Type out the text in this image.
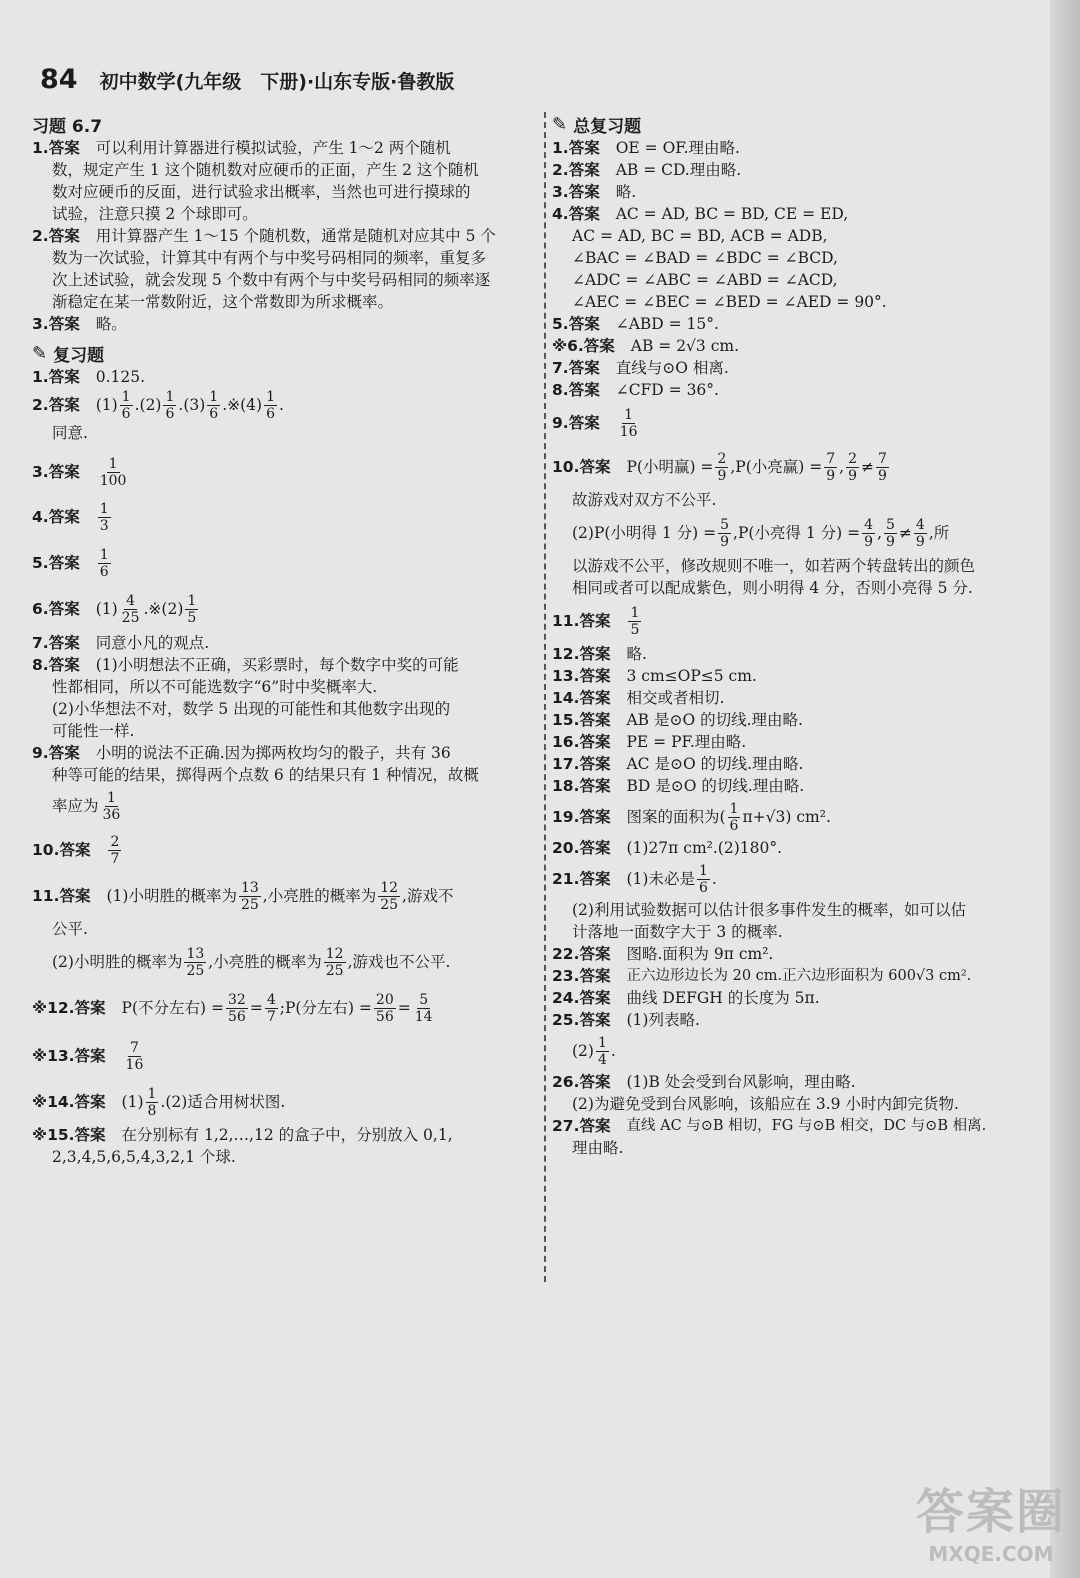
84 初中数学(九年级　下册)·山东专版·鲁教版
习题 6.7
1.答案 可以利用计算器进行模拟试验，产生 1～2 两个随机
数，规定产生 1 这个随机数对应硬币的正面，产生 2 这个随机
数对应硬币的反面，进行试验求出概率，当然也可进行摸球的
试验，注意只摸 2 个球即可。
2.答案 用计算器产生 1～15 个随机数，通常是随机对应其中 5 个
数为一次试验，计算其中有两个与中奖号码相同的频率，重复多
次上述试验，就会发现 5 个数中有两个与中奖号码相同的频率逐
渐稳定在某一常数附近，这个常数即为所求概率。
3. 答案 略。
✎ 复习题
1. 答案 0.125.
2. 答案 $(1) \frac{1}{6} .(2) \frac{1}{6} .(3) \frac{1}{6}$ .※(4) $\frac{1}{6}$ .
同意.
3. 答案 $\frac{1}{100}$
4. 答案 $\frac{1}{3}$
5. 答案 $\frac{1}{6}$
6. 答案 $(1) \frac{4}{25}$ .※(2) $\frac{1}{5}$
7. 答案 同意小凡的观点.
8.答案 (1)小明想法不正确，买彩票时，每个数字中奖的可能
性都相同，所以不可能选数字“6”时中奖概率大.
(2)小华想法不对，数学 5 出现的可能性和其他数字出现的
可能性一样.
9.答案 小明的说法不正确.因为掷两枚均匀的骰子，共有 36
种等可能的结果，掷得两个点数 6 的结果只有 1 种情况，故概
率应为 $\frac{1}{36}$
10. 答案 $\frac{2}{7}$
11. 答案 (1)小明胜的概率为 $\frac{13}{25}$ ,小亮胜的概率为 $\frac{12}{25}$ ,游戏不
公平.
(2)小明胜的概率为 $\frac{13}{25}$ ,小亮胜的概率为 $\frac{12}{25}$ ,游戏也不公平.
※12. 答案 P(不分左右) = $\frac{32}{56} = \frac{4}{7}$ ;P(分左右) = $\frac{20}{56} = \frac{5}{14}$
※13. 答案 $\frac{7}{16}$
※14. 答案 $(1) \frac{1}{8} .(2)$适合用树状图.
※15.答案 在分别标有 1,2,…,12 的盒子中，分别放入 0,1,
2,3,4,5,6,5,4,3,2,1 个球.
✎ 总复习题
1. 答案 OE = OF.理由略.
2. 答案 AB = CD.理由略.
3. 答案 略.
4.答案 AC = AD, BC = BD, CE = ED,
AC = AD, BC = BD, ACB = ADB,
∠BAC = ∠BAD = ∠BDC = ∠BCD,
∠ADC = ∠ABC = ∠ABD = ∠ACD,
∠AEC = ∠BEC = ∠BED = ∠AED = 90°.
5. 答案 ∠ABD = 15°.
※6. 答案 AB = 2√3 cm.
7. 答案 直线与⊙O 相离.
8. 答案 ∠CFD = 36°.
9. 答案 $\frac{1}{16}$
10. 答案 P(小明赢) = $\frac{2}{9} ,P$(小亮赢) = $\frac{7}{9}$ , $\frac{2}{9} \ne \frac{7}{9}$
故游戏对双方不公平.
(2)P(小明得 1 分) = $\frac{5}{9} ,P$(小亮得 1 分) = $\frac{4}{9}$ , $\frac{5}{9} \ne \frac{4}{9}$ ,所
以游戏不公平，修改规则不唯一，如若两个转盘转出的颜色
相同或者可以配成紫色，则小明得 4 分，否则小亮得 5 分.
11. 答案 $\frac{1}{5}$
12. 答案 略.
13. 答案 3 cm≤OP≤5 cm.
14. 答案 相交或者相切.
15. 答案 AB 是⊙O 的切线.理由略.
16. 答案 PE = PF.理由略.
17. 答案 AC 是⊙O 的切线.理由略.
18. 答案 BD 是⊙O 的切线.理由略.
19. 答案 图案的面积为( $\frac{1}{6} \pi+√3$) cm².
20. 答案 (1)27π cm².(2)180°.
21. 答案 (1)未必是 $\frac{1}{6}$ .
(2)利用试验数据可以估计很多事件发生的概率，如可以估
计落地一面数字大于 3 的概率.
22. 答案 图略.面积为 9π cm².
23. 答案 正六边形边长为 20 cm.正六边形面积为 600√3 cm².
24. 答案 曲线 DEFGH 的长度为 5π.
25. 答案 (1)列表略.
$(2) \frac{1}{4}$ .
26. 答案 (1)B 处会受到台风影响，理由略.
(2)为避免受到台风影响，该船应在 3.9 小时内卸完货物.
27. 答案 直线 AC 与⊙B 相切，FG 与⊙B 相交，DC 与⊙B 相离.
理由略.
答案圈
MXQE.COM
